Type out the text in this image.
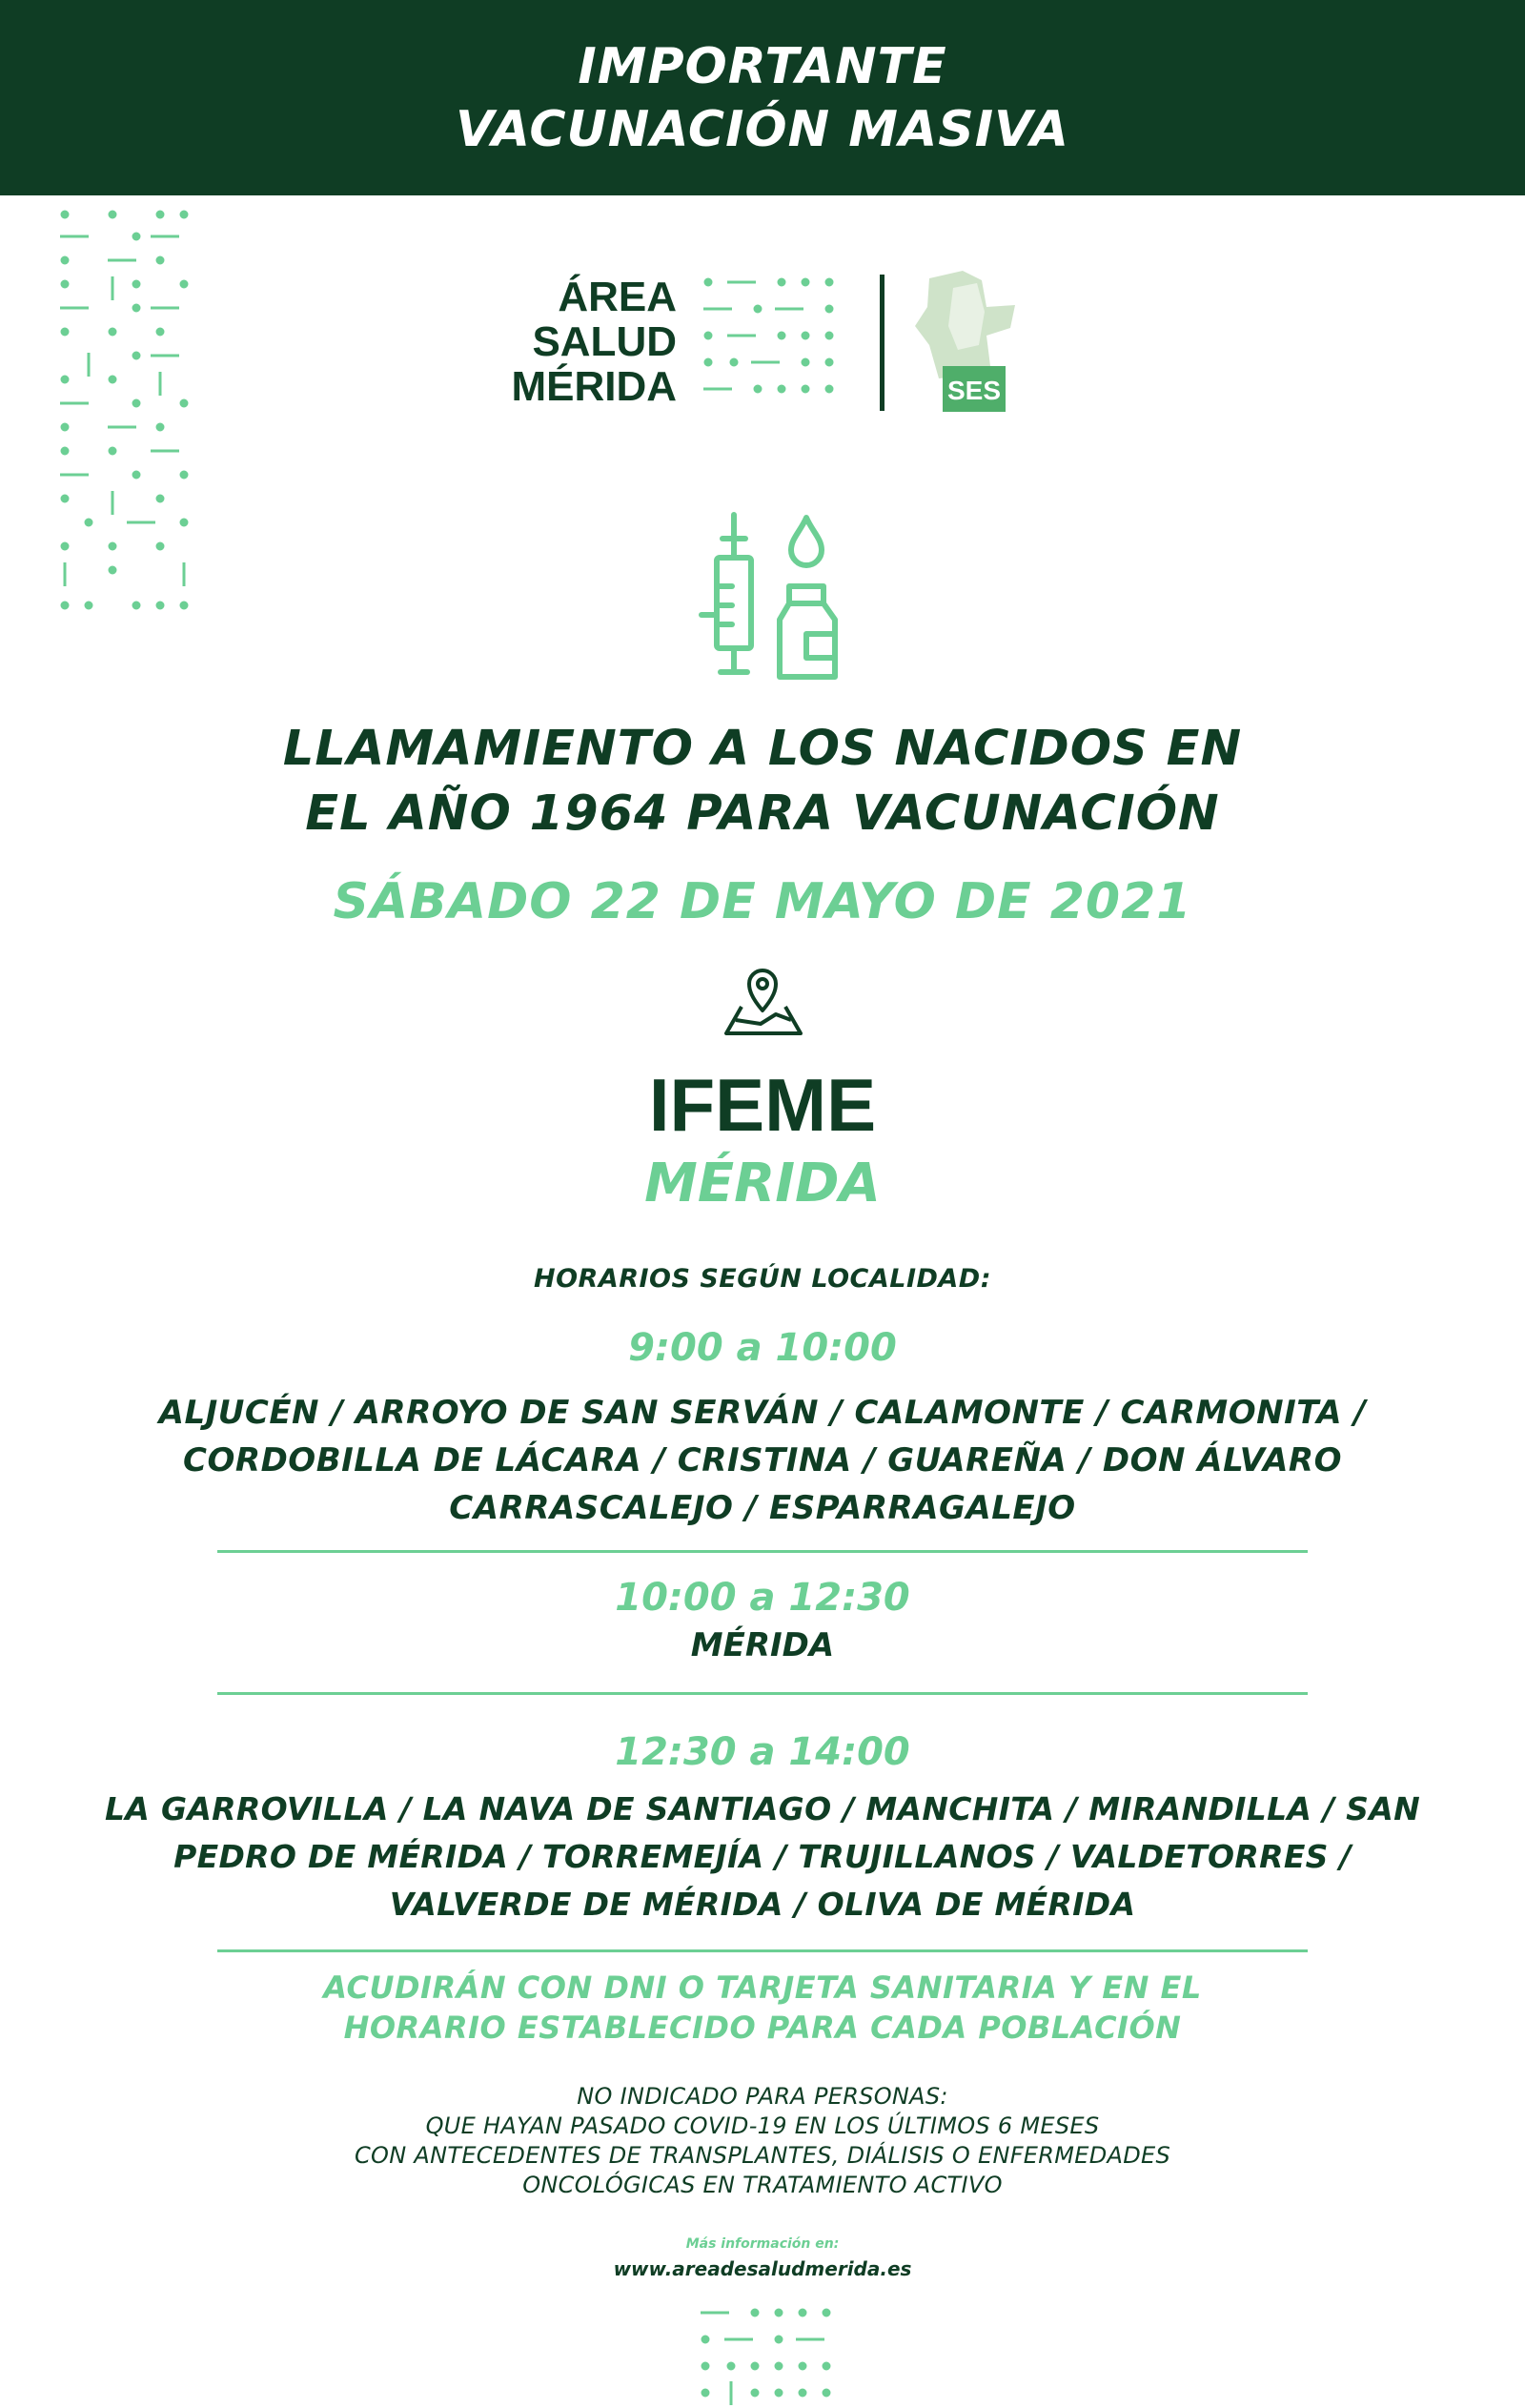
IMPORTANTE
VACUNACIÓN MASIVA
ÁREA
SALUD
MÉRIDA	SES
LLAMAMIENTO A LOS NACIDOS EN
EL AÑO 1964 PARA VACUNACIÓN
SÁBADO 22 DE MAYO DE 2021
IFEME
MÉRIDA
HORARIOS SEGÚN LOCALIDAD:
9:00 a 10:00
ALJUCÉN / ARROYO DE SAN SERVÁN / CALAMONTE / CARMONITA /
CORDOBILLA DE LÁCARA / CRISTINA / GUAREÑA / DON ÁLVARO
CARRASCALEJO / ESPARRAGALEJO
10:00 a 12:30
MÉRIDA
12:30 a 14:00
LA GARROVILLA / LA NAVA DE SANTIAGO / MANCHITA / MIRANDILLA / SAN
PEDRO DE MÉRIDA / TORREMEJÍA / TRUJILLANOS / VALDETORRES /
VALVERDE DE MÉRIDA / OLIVA DE MÉRIDA
ACUDIRÁN CON DNI O TARJETA SANITARIA Y EN EL
HORARIO ESTABLECIDO PARA CADA POBLACIÓN
NO INDICADO PARA PERSONAS:
QUE HAYAN PASADO COVID-19 EN LOS ÚLTIMOS 6 MESES
CON ANTECEDENTES DE TRANSPLANTES, DIÁLISIS O ENFERMEDADES
ONCOLÓGICAS EN TRATAMIENTO ACTIVO
Más información en:
www.areadesaludmerida.es
